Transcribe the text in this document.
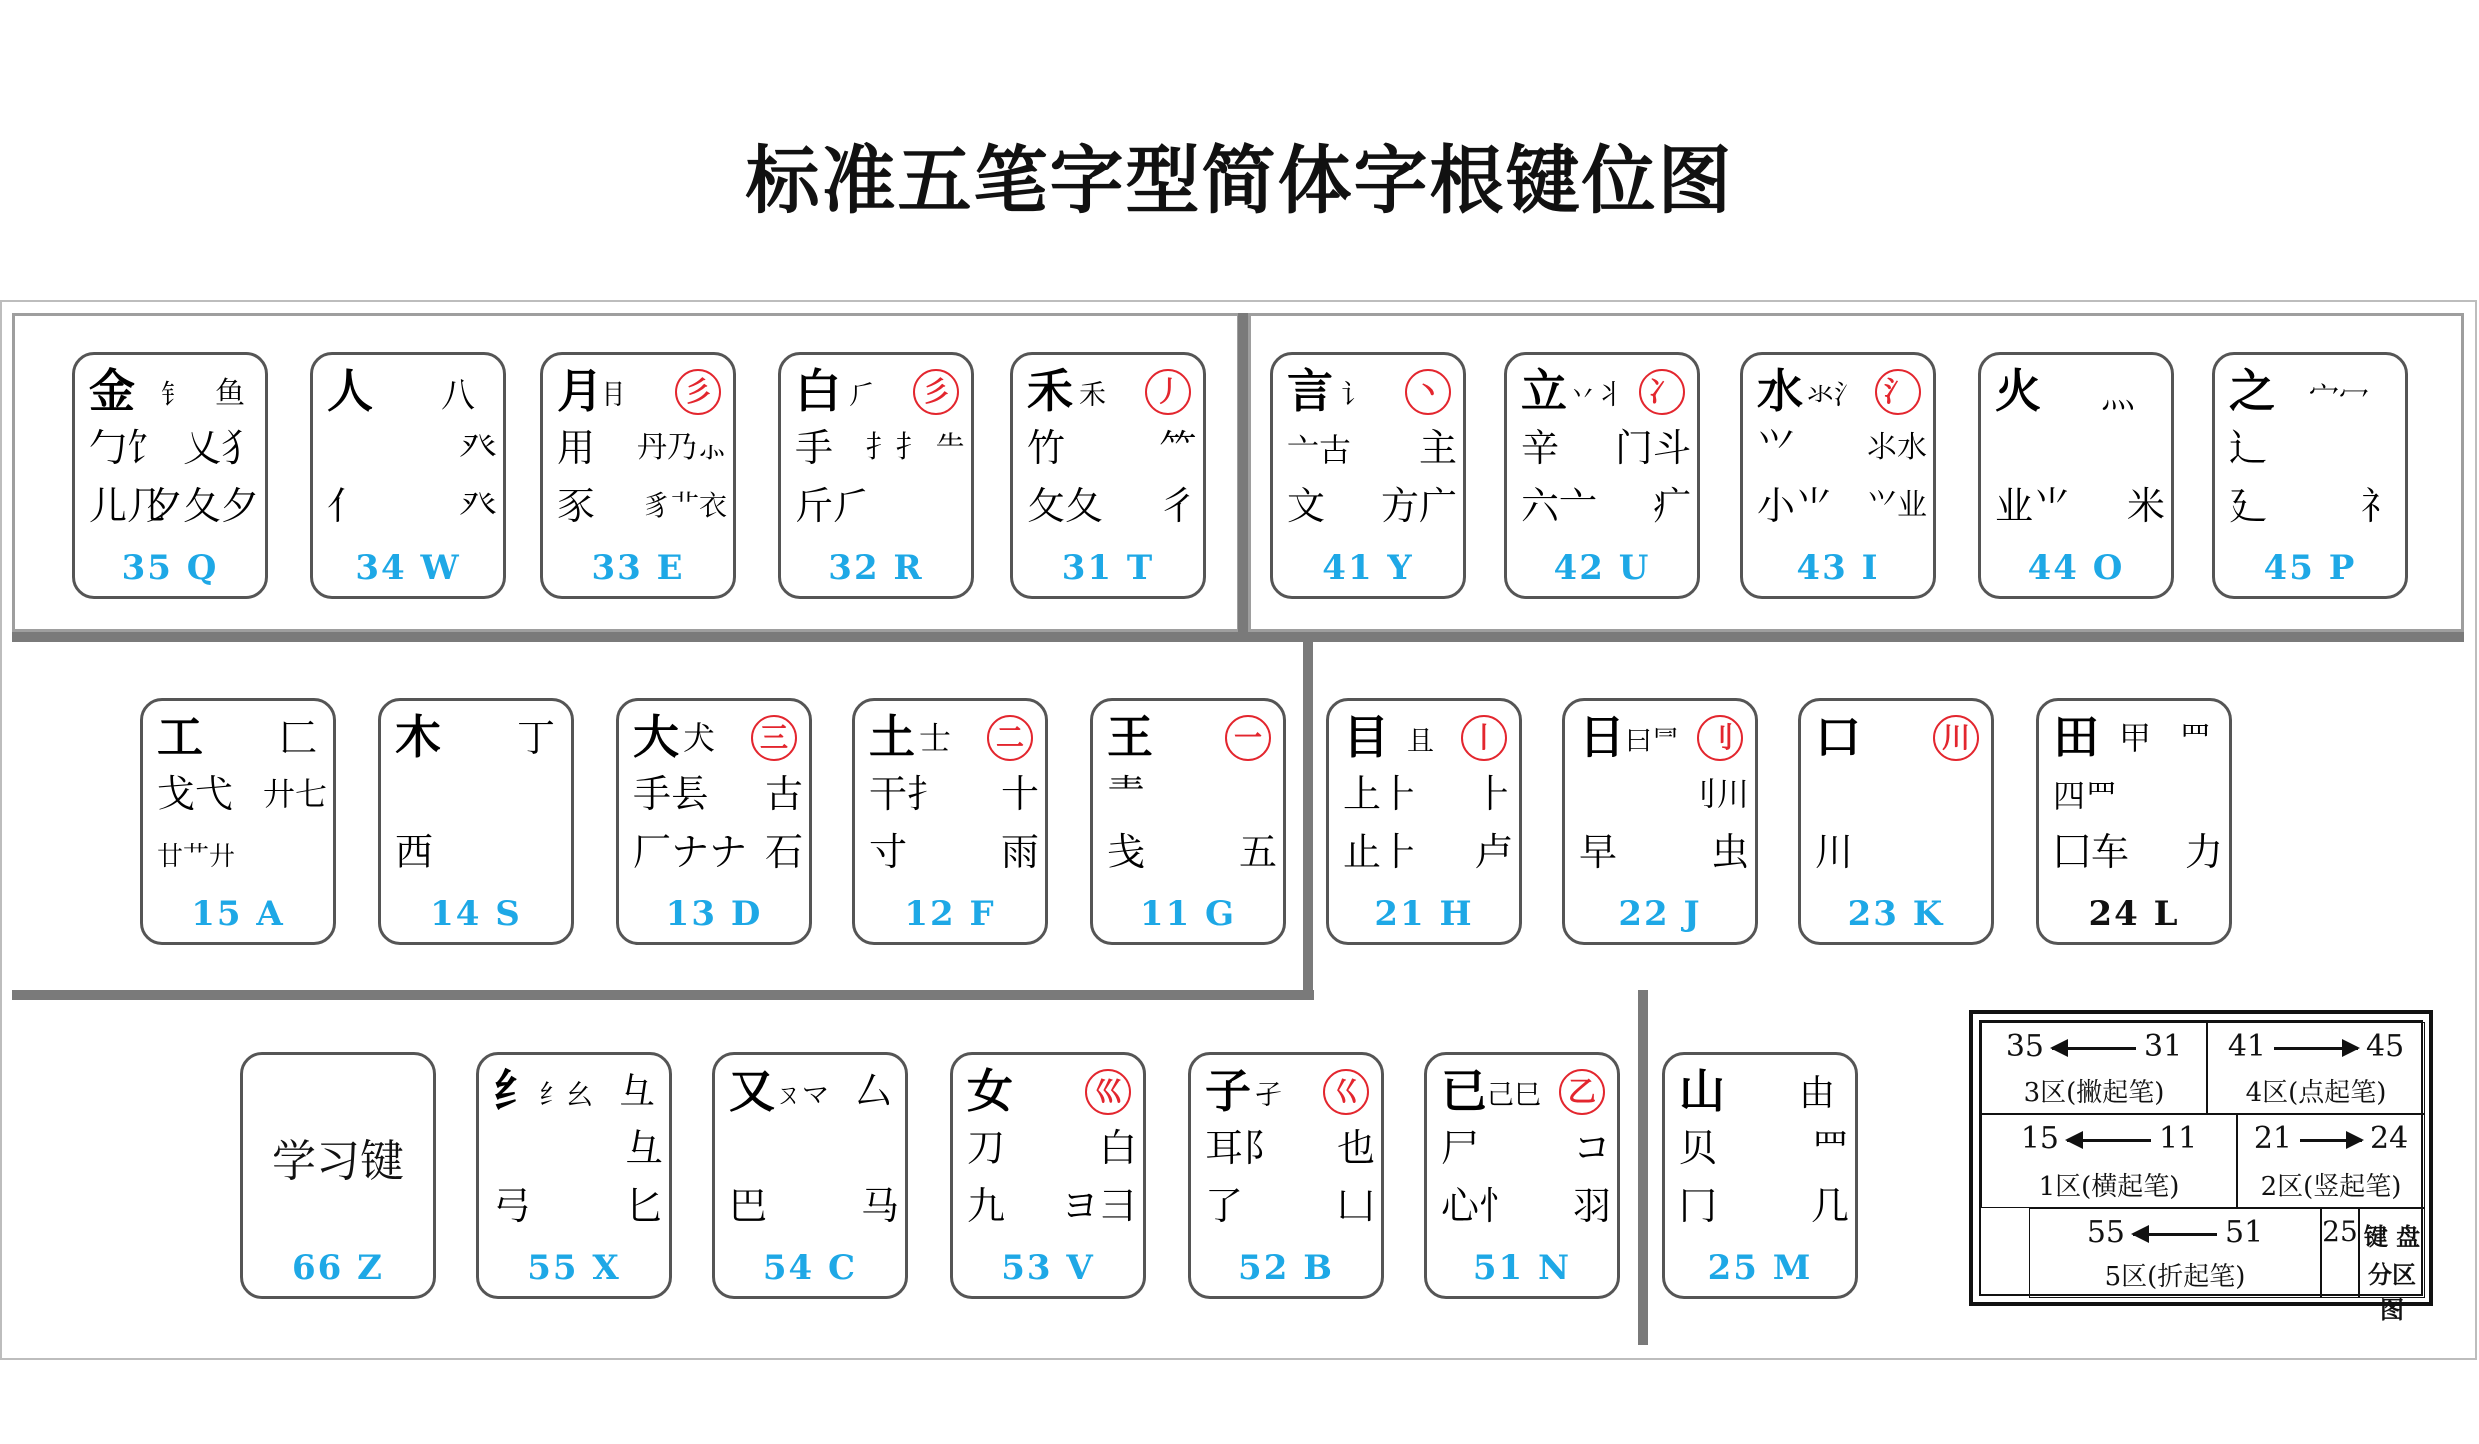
标准五笔字型简体字根键位图
金 钅 鱼
勹饣 乂犭
儿几
夕夂夕
35 Q
人 八
癶
亻 癶
34 W
月 ⺝	彡
用 丹乃⺗
豕 豸⻀衣
33 E
白 ⺁	彡
手 扌⺘ ⺧
斤⺁
32 R
禾 禾	丿
竹 ⺮
攵夂 彳
31 T
言 讠	丶
亠古 主
文 方广
41 Y
立 丷丬 冫
辛 门斗
六亠 疒
42 U
水 氺氵 氵
⺍ ⺢水
小⺌ ⺍业
43 I
火 灬
业⺌ 米
44 O
之 宀冖
辶
廴 礻
45 P
工 匚
戈弋 廾七
廿艹廾
15 A
木 丁
西
14 S
大 犬	三
手镸 古
厂ナナ 石
13 D
土 士	二
干⺘ 十
寸 雨
12 F
王	一
龶
戋 五
11 G
目 且	丨
上⺊ ⺊
止⺊ 卢
21 H
日 曰⺜ 刂
刂川
早 虫
22 J
口	川
川
23 K
田 甲 罒
四罒
囗车 力
24 L
学习键
66 Z
纟 纟幺 彑
彑
弓 匕
55 X
又 ㄡマ 厶
巴 马
54 C
女	巛
刀 白
九 ヨ彐
53 V
子 孑	巜
耳阝 也
了 凵
52 B
已 己巳 乙
尸 コ
心忄 羽
51 N
山 由
贝 ⺲
冂 几
25 M
35	31
3区(撇起笔)
41	45
4区(点起笔)
15	11
1区(横起笔)
21	24
2区(竖起笔)
55	51
5区(折起笔)
25 键 盘
分区图
